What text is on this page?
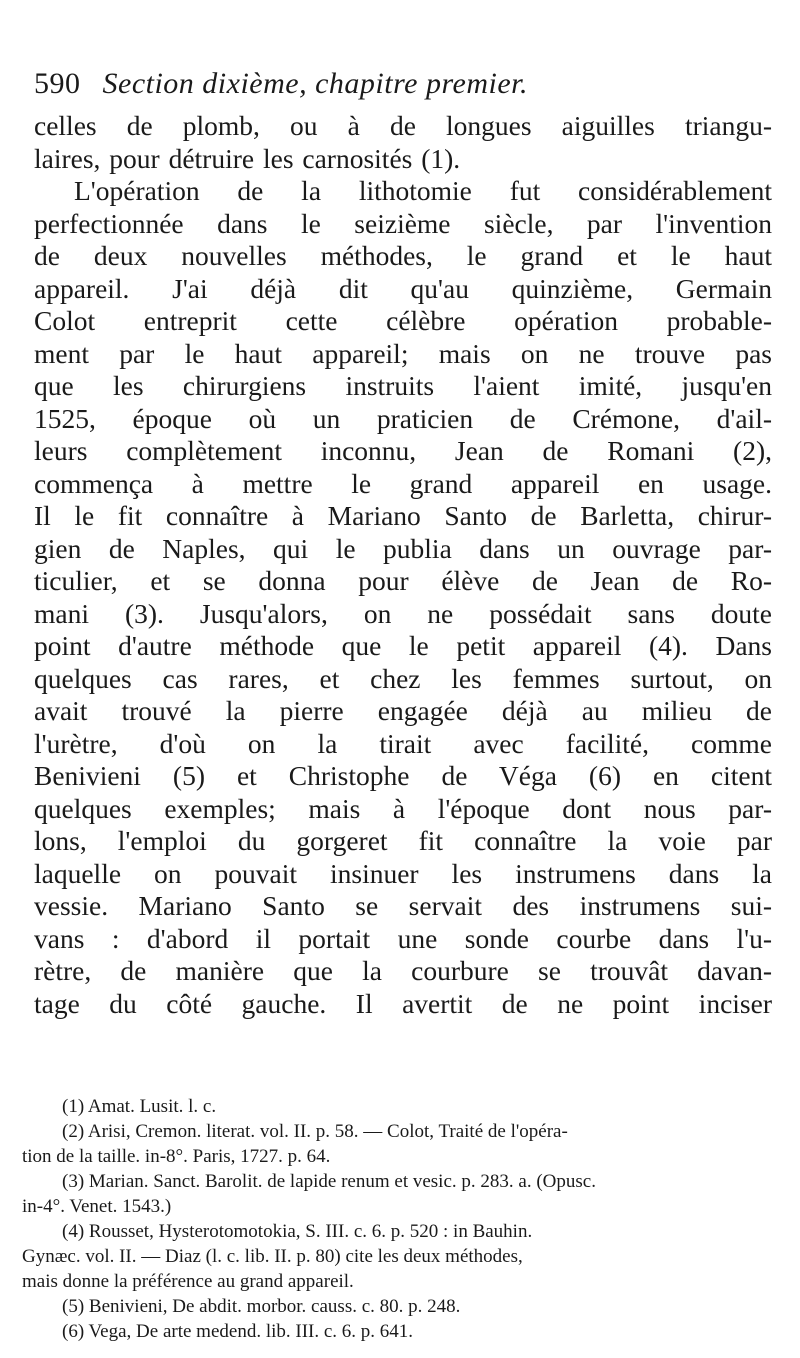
590 Section dixième, chapitre premier.
celles de plomb, ou à de longues aiguilles triangu-
laires, pour détruire les carnosités (1).
L'opération de la lithotomie fut considérablement
perfectionnée dans le seizième siècle, par l'invention
de deux nouvelles méthodes, le grand et le haut
appareil. J'ai déjà dit qu'au quinzième, Germain
Colot entreprit cette célèbre opération probable-
ment par le haut appareil; mais on ne trouve pas
que les chirurgiens instruits l'aient imité, jusqu'en
1525, époque où un praticien de Crémone, d'ail-
leurs complètement inconnu, Jean de Romani (2),
commença à mettre le grand appareil en usage.
Il le fit connaître à Mariano Santo de Barletta, chirur-
gien de Naples, qui le publia dans un ouvrage par-
ticulier, et se donna pour élève de Jean de Ro-
mani (3). Jusqu'alors, on ne possédait sans doute
point d'autre méthode que le petit appareil (4). Dans
quelques cas rares, et chez les femmes surtout, on
avait trouvé la pierre engagée déjà au milieu de
l'urètre, d'où on la tirait avec facilité, comme
Benivieni (5) et Christophe de Véga (6) en citent
quelques exemples; mais à l'époque dont nous par-
lons, l'emploi du gorgeret fit connaître la voie par
laquelle on pouvait insinuer les instrumens dans la
vessie. Mariano Santo se servait des instrumens sui-
vans : d'abord il portait une sonde courbe dans l'u-
rètre, de manière que la courbure se trouvât davan-
tage du côté gauche. Il avertit de ne point inciser
(1) Amat. Lusit. l. c.
(2) Arisi, Cremon. literat. vol. II. p. 58. — Colot, Traité de l'opéra-
tion de la taille. in-8°. Paris, 1727. p. 64.
(3) Marian. Sanct. Barolit. de lapide renum et vesic. p. 283. a. (Opusc.
in-4°. Venet. 1543.)
(4) Rousset, Hysterotomotokia, S. III. c. 6. p. 520 : in Bauhin.
Gynæc. vol. II. — Diaz (l. c. lib. II. p. 80) cite les deux méthodes,
mais donne la préférence au grand appareil.
(5) Benivieni, De abdit. morbor. causs. c. 80. p. 248.
(6) Vega, De arte medend. lib. III. c. 6. p. 641.
